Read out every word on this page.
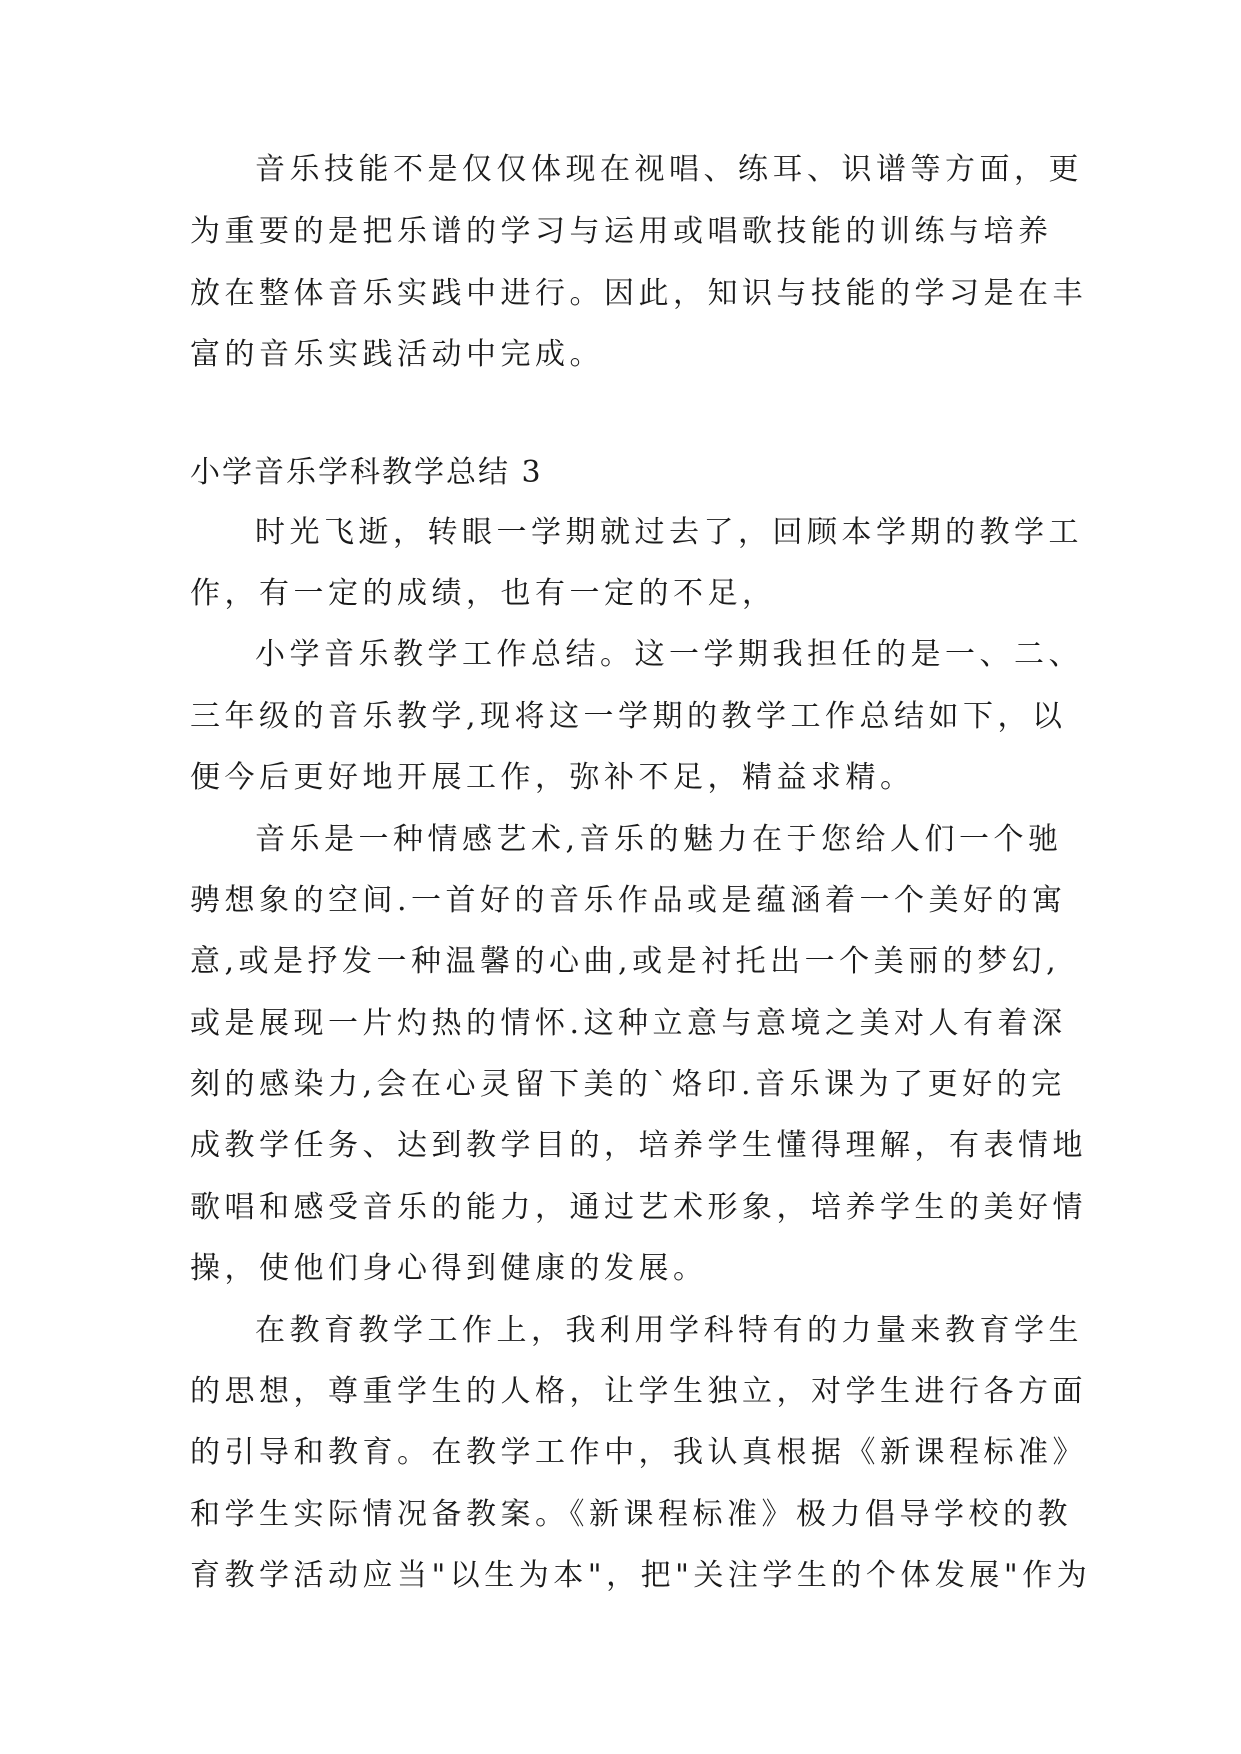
音乐技能不是仅仅体现在视唱、练耳、识谱等方面，更
为重要的是把乐谱的学习与运用或唱歌技能的训练与培养
放在整体音乐实践中进行。因此，知识与技能的学习是在丰
富的音乐实践活动中完成。
小学音乐学科教学总结 3
时光飞逝，转眼一学期就过去了，回顾本学期的教学工
作，有一定的成绩，也有一定的不足，
小学音乐教学工作总结。这一学期我担任的是一、二、
三年级的音乐教学,现将这一学期的教学工作总结如下，以
便今后更好地开展工作，弥补不足，精益求精。
音乐是一种情感艺术,音乐的魅力在于您给人们一个驰
骋想象的空间.一首好的音乐作品或是蕴涵着一个美好的寓
意,或是抒发一种温馨的心曲,或是衬托出一个美丽的梦幻,
或是展现一片灼热的情怀.这种立意与意境之美对人有着深
刻的感染力,会在心灵留下美的`烙印.音乐课为了更好的完
成教学任务、达到教学目的，培养学生懂得理解，有表情地
歌唱和感受音乐的能力，通过艺术形象，培养学生的美好情
操，使他们身心得到健康的发展。
在教育教学工作上，我利用学科特有的力量来教育学生
的思想，尊重学生的人格，让学生独立，对学生进行各方面
的引导和教育。在教学工作中，我认真根据《新课程标准》
和学生实际情况备教案。《新课程标准》极力倡导学校的教
育教学活动应当"以生为本"，把"关注学生的个体发展"作为
